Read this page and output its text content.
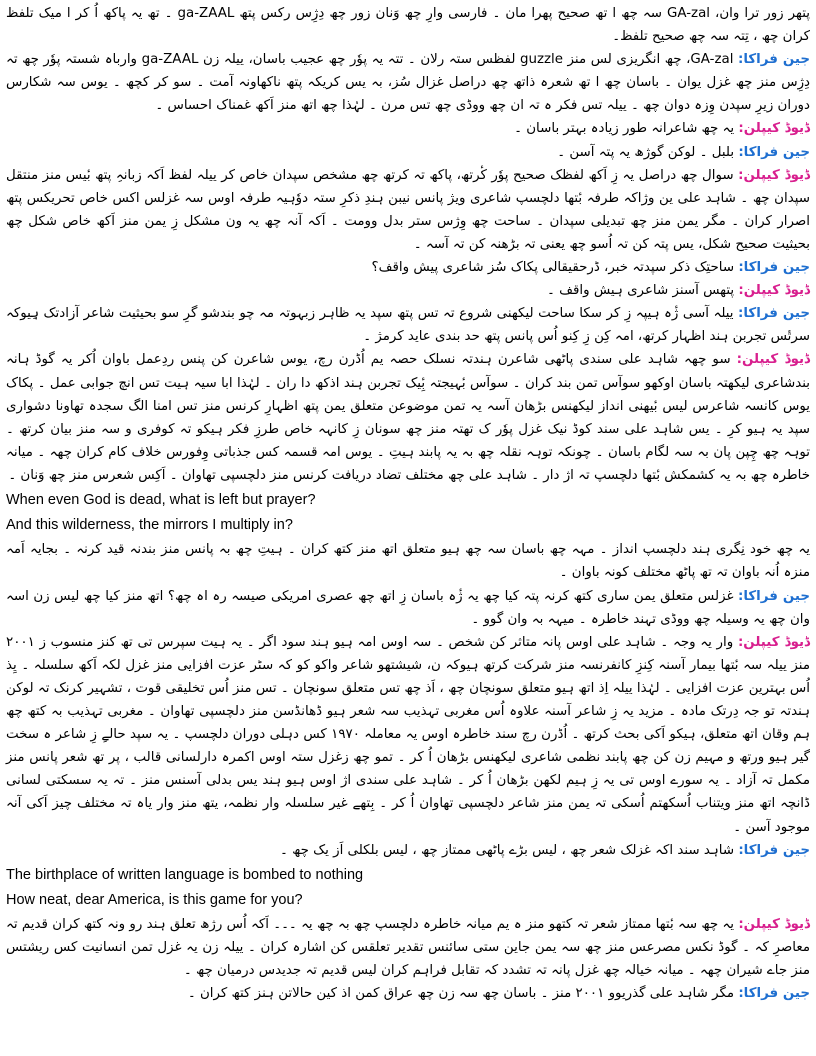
پتھر زور ترا وان، GA-zal سہ چھ ا تھ صحیح پھرا مان ۔ فارسی وارِ چھ وَنان زور چھ دِژِس رکس پتھ ga-ZAAL ۔ تھ یہ پاکھ اُ کر ا میک تلفظ کران چھ ، تِتہ سہ چھ صحیح تلفظ۔

جین فراکا: GA-zal، چھ انگریزی لس منز guzzle لفظس ستہ رلان ۔ تتہ یہ پوٗر چھ عجیب باسان، ییلہ زن ga-ZAAL وارباہ شستہ پوٗر چھ تہ دِژِس منز چھ غزل یوان ۔ باسان چھ ا تھ شعرہ ذاتھ چھ دراصل غزال سُز، بہ یس کریکہ پتھ ناکھاونہ آمت ۔ سو کر کچھ ۔ یوس سہ شکارس دوران زیرِ سپدن وِزہ دوان چھ ۔ ییلہ تس فکر ہ تہ ان چھ ووڈی چھ تس مرن ۔ لہٰذا چھ اتھ منز اَکھ غمناک احساس ۔

ڈیوڈ کیپلن: یہ چھ شاعرانہ طور زیادہ بہتر باسان ۔

جین فراکا: بلبل ۔ لوکن گوژھ یہ پتہ آسن ۔

ڈیوڈ کیپلن: سوال چھ دراصل یہ زِ اَکھ لفظک صحیح پوٗر کٔرتھ، پاکھ تہ کرتھ چھ مشخص سپدان خاص کر ییلہ لفظ اَکہ زبانہِ پتھ بٔیس منز منتقل سپدان چھ ۔ شاہد علی ین وژاکہ طرفہ بٔتھا دلچسپ شاعری ویژ پانس نیبن ہندِ ذکرِ ستہ دوٗہیہ طرفہ اوس سہ غزلس اکس خاص تحریکس پتھ اصرار کران ۔ مگر یمن منز چھ تبدیلی سپدان ۔ ساحت چھ وِژس ستر بدل وومت ۔ اَکہ آنہ چھ یہ ون مشکل زِ یمن منز اَکھ خاص شکل چھ بحیثیت صحیح شکل، یس پتہ کن تہ اُسو چھ یعنی تہ بڑھنہ کن تہ آسہ ۔

جین فراکا: ساحتِک ذکر سپدتہ خبر، ڈرحقیقالی پکاک سُز شاعری پیش واقف؟

ڈیوڈ کیپلن: پتھس آسنز شاعری ہیش واقف ۔

جین فراکا: ییلہ آسی ژٔہ ہیپہ زِ کر سکا ساحت لیکھنی شروع تہ تس پتھ سپد یہ ظاہر زبہوتہ مہ چو بندشو گرِ سو بحیثیت شاعر آزادتک ہِیوکہ سرتٔس تجربن ہند اظہار کرتھ، امہ کِن زِ کِنو اُس پانس پتھ حد بندی عاید کرمژ ۔

ڈیوڈ کیپلن: سو چھہ شاہد علی سندی پاٹھی شاعرن ہندتہ نسلک حصہ یم اُڈرن رچ، یوس شاعرن کن پنس ردِعمل باوان اُکر یہ گوڈ ہانہ بندشاعری لیکھتہ باسان اوکھو سوآس تمن بند کران ۔ سوآس بٔہیجتہ بِٔیک تجربن ہند اذکھ دا ران ۔ لہٰذا ابا سیہ ہیت تس انچ جوابی عمل ۔ پکاک یوس کانسہ شاعرس لیس بٔیھنی انداز لیکھنس بڑھان آسہ یہ تمن موضوعن متعلق یمن پتھ اظہارِ کرنس منز تس امنا الگ سجدہ تھاونا دشواری سپد یہ ہیو کرِ ۔ یس شاہد علی سند کوڈ نیک غزل پوٗر ک تھتہ منز چھ سونان زِ کانہہ خاص طرزِ فکر ہیکو تہ کوفری و سہ منز بیان کرتھ ۔ توہہ چھ چِپن پان بہ سہ لگام باسان ۔ چونکہ توہہ نقلہ چھ بہ یہ پابند ہیتِ ۔ یوس امہ قسمہ کس جذباتی وِفورس خلاف کام کران چھہ ۔ میانہ خاطرہ چھ بہ یہ کشمکش بٔتھا دلچسپ تہ اژ دار ۔ شاہد علی چھ مختلف تضاد دریافت کرنس منز دلچسپی تھاوان ۔ اَکِس شعرس منز چھ وَنان ۔

When even God is dead, what is left but prayer?

And this wilderness, the mirrors I multiply in?

یہ چھ خود نِگری ہند دلچسپ انداز ۔ مہہ چھ باسان سہ چھ ہیو متعلق اتھ منز کتھ کران ۔ ہیتِ چھ بہ پانس منز بندنہ قید کرنہ ۔ بجایہ اَمہ منزہ اُنہ باوان تہ تھ پاٹھ مختلف کونہ باوان ۔

جین فراکا: غزلس متعلق یمن ساری کتھ کرنہ پتہ کیا چھ یہ ژٔہ باسان زِ اتھ چھ عصری امریکی صیسہ رہ اہ چھ؟ اتھ منز کیا چھ لیس زن اسہ وان چھ یہ وسیلہ چھ ووڈی تہند خاطرہ ۔ میہہ بہ وان گوو ۔

ڈیوڈ کیپلن: وار یہ وجہ ۔ شاہد علی اوس پانہ متاثر کن شخص ۔ سہ اوس امہ ہیو ہند سود اگر ۔ یہ ہیت سپرس تی تھ کنز منسوب ز ۲۰۰۱ منز ییلہ سہ بٔتھا بیمار آسنہ کِنزِ کانفرنسہ منز شرکت کرتھ ہیوکہ ن، شیشتھو شاعر واکو کو کہ سٹر عزت افزایی منز غزل لکہ اَکھ سلسلہ ۔ یِذ اُس بہترین عزت افزایی ۔ لہٰذا ییلہ اِذ اتھ ہیو متعلق سونچان چھ ، اَذ چھ تس متعلق سونچان ۔ تس منز اُس تخلیقی قوت ، تشہیر کرنک تہ لوکن ہندتہ تو جہ دِرتک مادہ ۔ مزید یہ زِ شاعر آسنہ علاوہ اُس مغربی تہذیب سہ شعر ہیو ڈھانڈسن منز دلچسپی تھاوان ۔ مغربی تہذیب بہ کتھ چھ ہم وقان اتھ متعلق، ہیکو اَکی بحث کرتھ ۔ اُڈرن رچ سند خاطرہ اوس یہ معاملہ ۱۹۷۰ کس دہلی دوران دلچسپ ۔ یہ سپد حالےِ زِ شاعر ہ سخت گیر ہیو ورتھ و مہیم زن کن چھ پابند نظمی شاعری لیکھنس بڑھان اُ کر ۔ تمو چھ زغزل ستہ اوس اکمرہ دارلسانی قالب ، پر تھ شعر پانس منز مکمل تہ آزاد ۔ یہ سورے اوس تی یہ زِ ہیم لکھن بڑھان اُ کر ۔ شاہد علی سندی اژ اوس ہیو ہند یس بدلی آسنس منز ۔ تہ یہ سسکتی لسانی ڈانچہ اتھ منز ویتناب اُسکھتم اُسکی تہ یمن منز شاعر دلچسپی تھاوان اُ کر ۔ بِتھے غیر سلسلہ وار نظمہ، یتھ منز وار یاہ تہ مختلف چیز اَکی آنہ موجود آسن ۔

جین فراکا: شاہد سند اکہ غزلک شعر چھ ، لیس بڑے پاٹھی ممتاز چھ ، لیس بلکلی اَز یک چھ ۔

The birthplace of written language is bombed to nothing

How neat, dear America, is this game for you?

ڈیوڈ کیپلن: یہ چھ سہ بٔتھا ممتاز شعر تہ کتھو منز ہ یم میانہ خاطرہ دلچسپ چھ بہ چھ یہ ۔۔۔ اَکہ اُس رژھ تعلق ہند رو ونہ کتھ کران قدیم تہ معاصرِ کہ ۔ گوڈ نکس مصرعس منز چھ سہ یمن جاین ستی سائنس تقدیر تعلقس کن اشارہ کران ۔ ییلہ زن یہ غزل تمن انسانیت کس ریشتس منز جاے شیران چھہ ۔ میانہ خیالہ چھ غزل پانہ تہ تشدد کہ تقابل فراہم کران لیس قدیم تہ جدیدس درمیان چھ ۔

جین فراکا: مگر شاہد علی گذریوو ۲۰۰۱ منز ۔ باسان چھ سہ زن چھ عراق کمن اذ کین حالاتن ہنز کتھ کران ۔
